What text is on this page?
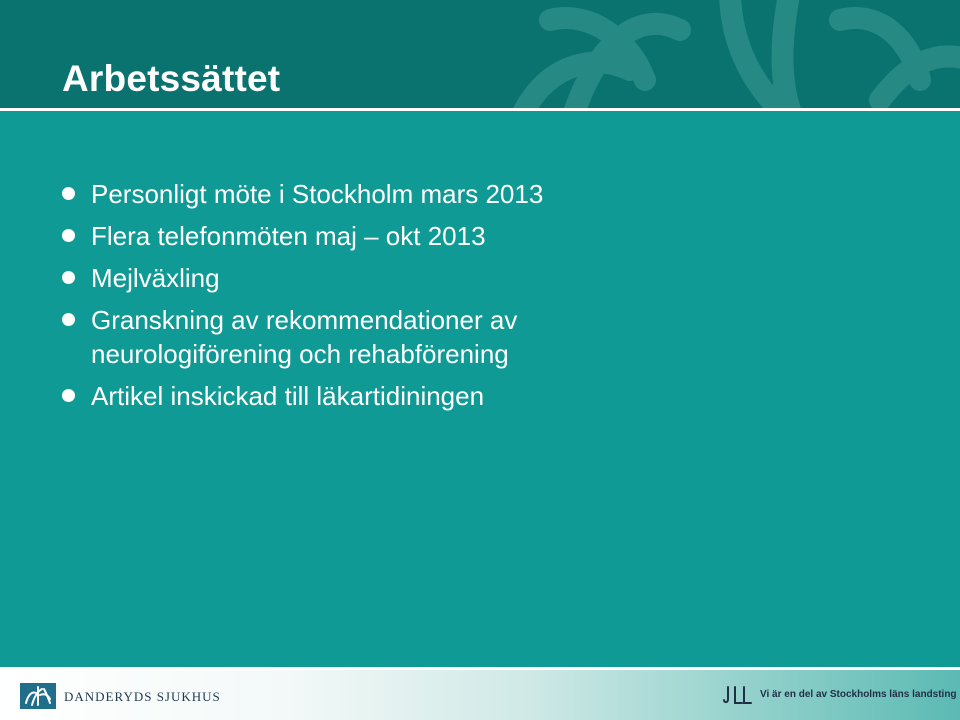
Arbetssättet
Personligt möte i Stockholm mars 2013
Flera telefonmöten maj – okt 2013
Mejlväxling
Granskning av rekommendationer av neurologiförening och rehabförening
Artikel inskickad till läkartidiningen
DANDERYDS SJUKHUS	Vi är en del av Stockholms läns landsting
